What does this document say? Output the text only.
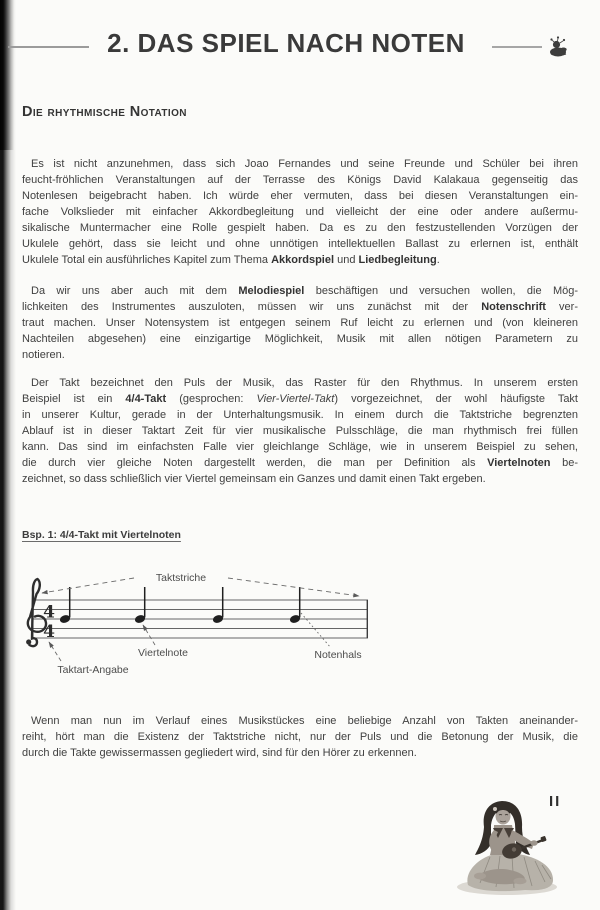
2. DAS SPIEL NACH NOTEN
Die rhythmische Notation
Es ist nicht anzunehmen, dass sich Joao Fernandes und seine Freunde und Schüler bei ihren
feucht-fröhlichen Veranstaltungen auf der Terrasse des Königs David Kalakaua gegenseitig das
Notenlesen beigebracht haben. Ich würde eher vermuten, dass bei diesen Veranstaltungen ein-
fache Volkslieder mit einfacher Akkordbegleitung und vielleicht der eine oder andere außermu-
sikalische Muntermacher eine Rolle gespielt haben. Da es zu den festzustellenden Vorzügen der
Ukulele gehört, dass sie leicht und ohne unnötigen intellektuellen Ballast zu erlernen ist, enthält
Ukulele Total ein ausführliches Kapitel zum Thema Akkordspiel und Liedbegleitung.
Da wir uns aber auch mit dem Melodiespiel beschäftigen und versuchen wollen, die Mög-
lichkeiten des Instrumentes auszuloten, müssen wir uns zunächst mit der Notenschrift ver-
traut machen. Unser Notensystem ist entgegen seinem Ruf leicht zu erlernen und (von kleineren
Nachteilen abgesehen) eine einzigartige Möglichkeit, Musik mit allen nötigen Parametern zu
notieren.
Der Takt bezeichnet den Puls der Musik, das Raster für den Rhythmus. In unserem ersten
Beispiel ist ein 4/4-Takt (gesprochen: Vier-Viertel-Takt) vorgezeichnet, der wohl häufigste Takt
in unserer Kultur, gerade in der Unterhaltungsmusik. In einem durch die Taktstriche begrenzten
Ablauf ist in dieser Taktart Zeit für vier musikalische Pulsschläge, die man rhythmisch frei füllen
kann. Das sind im einfachsten Falle vier gleichlange Schläge, wie in unserem Beispiel zu sehen,
die durch vier gleiche Noten dargestellt werden, die man per Definition als Viertelnoten be-
zeichnet, so dass schließlich vier Viertel gemeinsam ein Ganzes und damit einen Takt ergeben.
Bsp. 1: 4/4-Takt mit Viertelnoten
4
4
Taktstriche
Viertelnote	Notenhals
Taktart-Angabe
Wenn man nun im Verlauf eines Musikstückes eine beliebige Anzahl von Takten aneinander-
reiht, hört man die Existenz der Taktstriche nicht, nur der Puls und die Betonung der Musik, die
durch die Takte gewissermassen gegliedert wird, sind für den Hörer zu erkennen.
II
